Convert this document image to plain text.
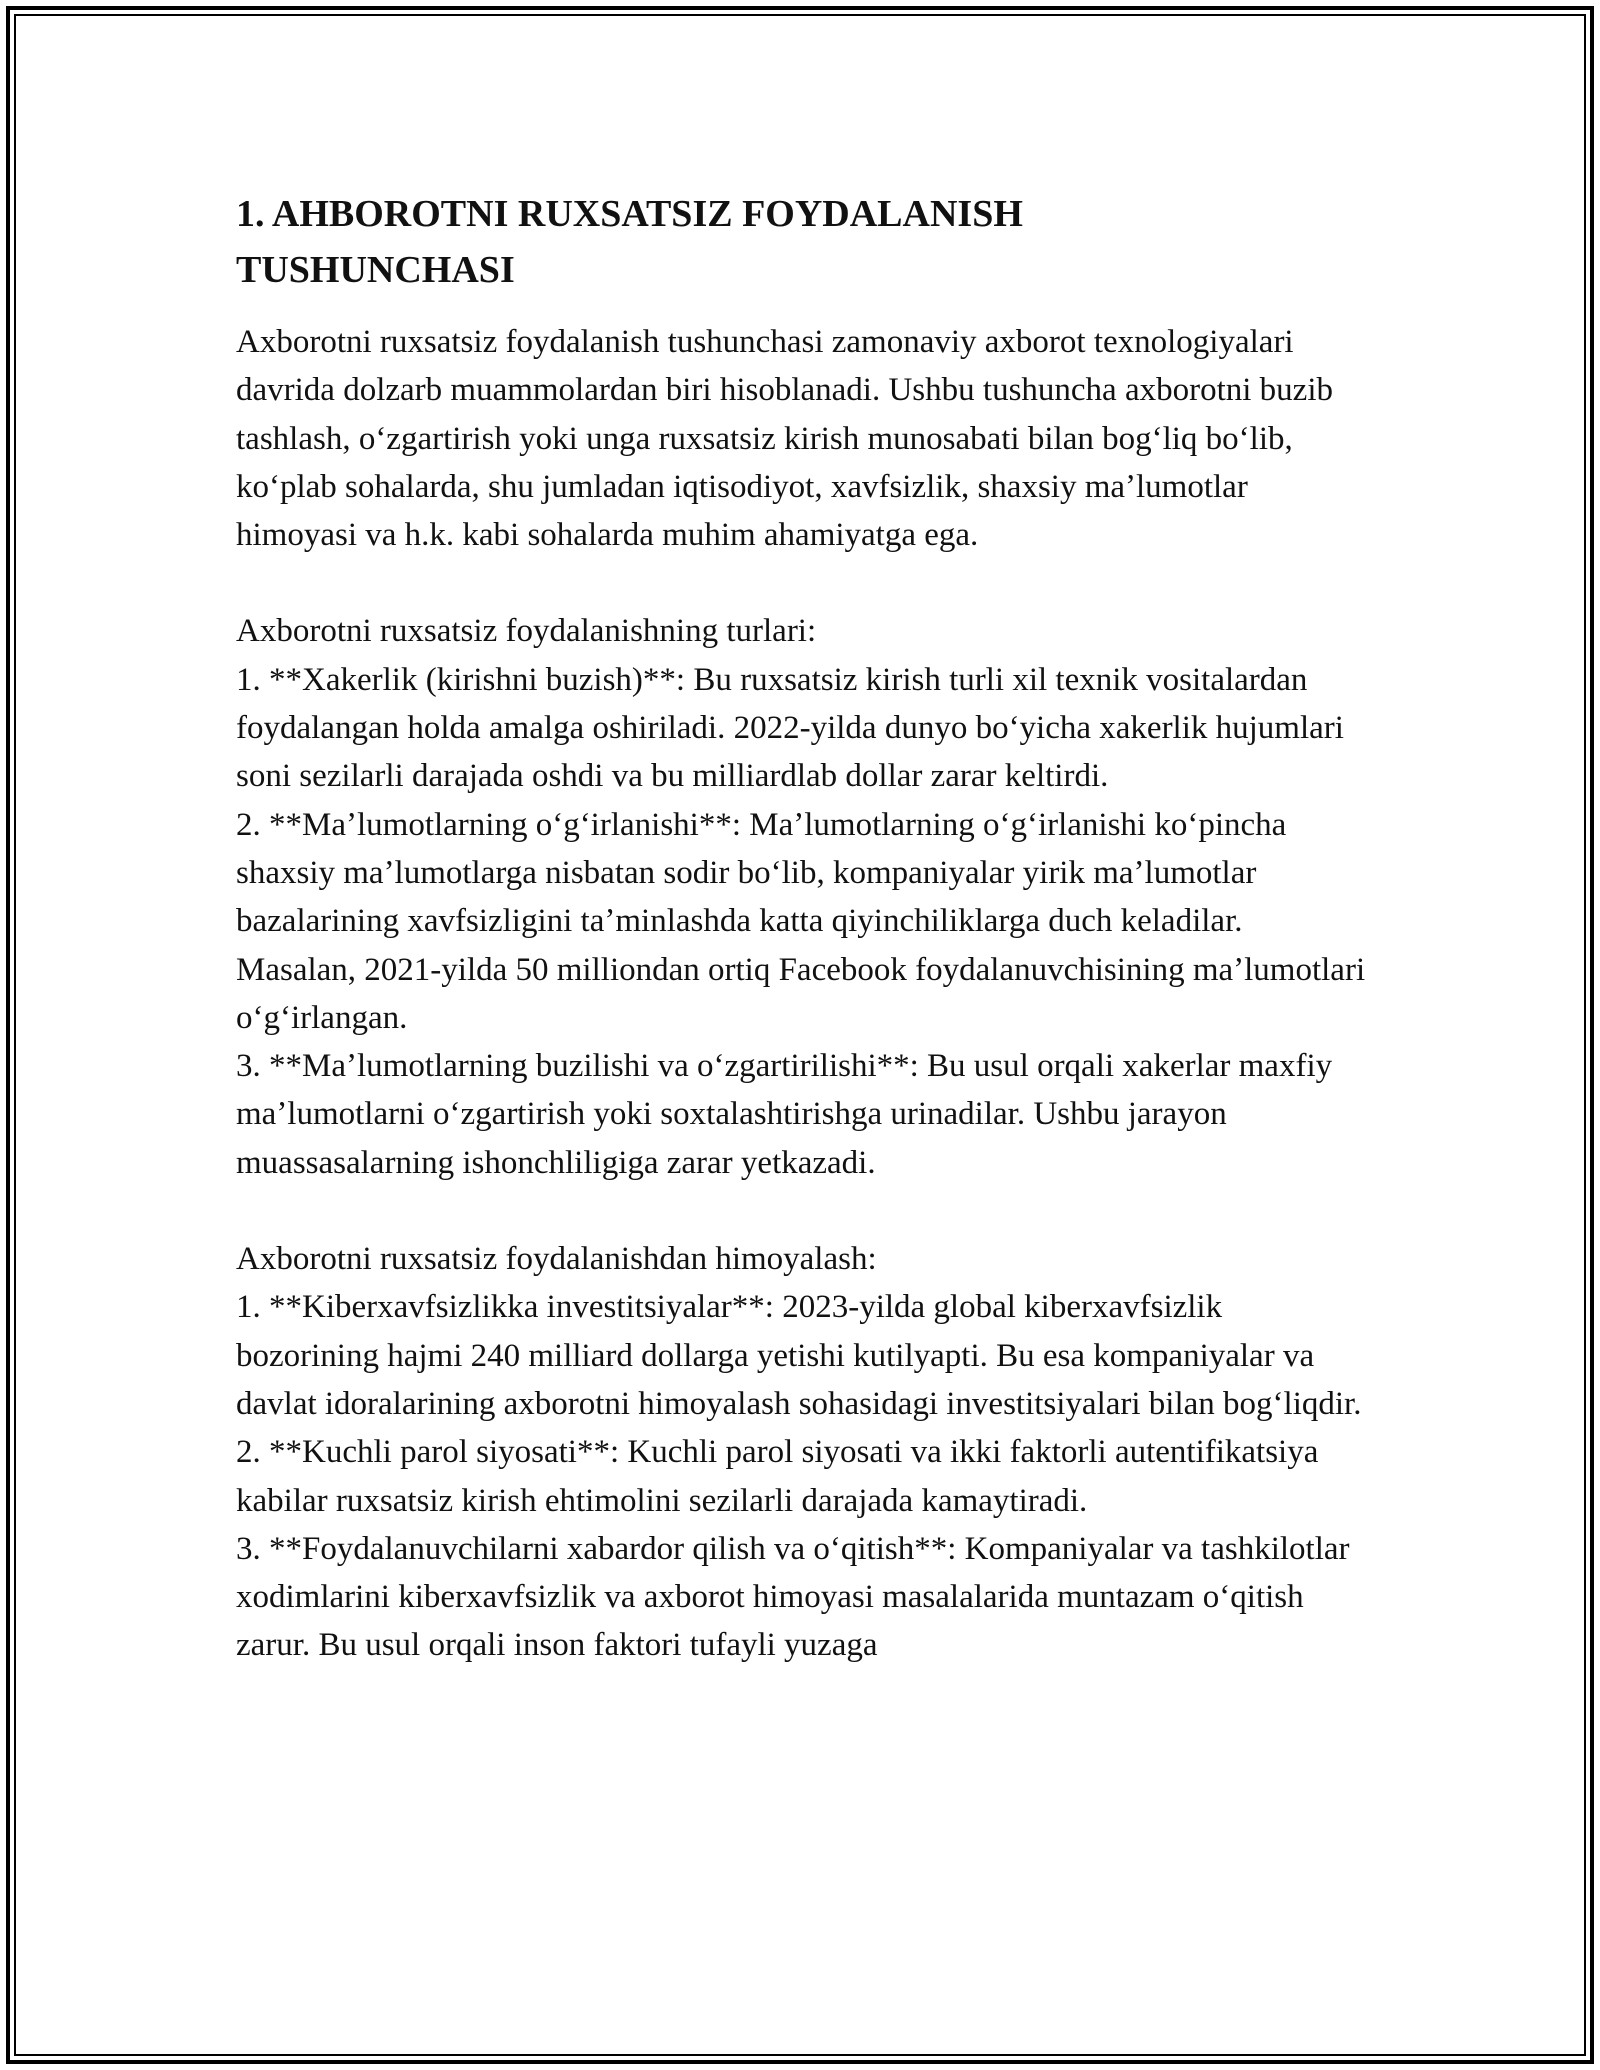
1. AHBOROTNI RUXSATSIZ FOYDALANISH TUSHUNCHASI

Axborotni ruxsatsiz foydalanish tushunchasi zamonaviy axborot texnologiyalari davrida dolzarb muammolardan biri hisoblanadi. Ushbu tushuncha axborotni buzib tashlash, oʻzgartirish yoki unga ruxsatsiz kirish munosabati bilan bogʻliq boʻlib, koʻplab sohalarda, shu jumladan iqtisodiyot, xavfsizlik, shaxsiy maʼlumotlar himoyasi va h.k. kabi sohalarda muhim ahamiyatga ega.

Axborotni ruxsatsiz foydalanishning turlari:

1. **Xakerlik (kirishni buzish)**: Bu ruxsatsiz kirish turli xil texnik vositalardan foydalangan holda amalga oshiriladi. 2022-yilda dunyo boʻyicha xakerlik hujumlari soni sezilarli darajada oshdi va bu milliardlab dollar zarar keltirdi.

2. **Maʼlumotlarning oʻgʻirlanishi**: Maʼlumotlarning oʻgʻirlanishi koʻpincha shaxsiy maʼlumotlarga nisbatan sodir boʻlib, kompaniyalar yirik maʼlumotlar bazalarining xavfsizligini taʼminlashda katta qiyinchiliklarga duch keladilar. Masalan, 2021-yilda 50 milliondan ortiq Facebook foydalanuvchisining maʼlumotlari oʻgʻirlangan.

3. **Maʼlumotlarning buzilishi va oʻzgartirilishi**: Bu usul orqali xakerlar maxfiy maʼlumotlarni oʻzgartirish yoki soxtalashtirishga urinadilar. Ushbu jarayon muassasalarning ishonchliligiga zarar yetkazadi.

Axborotni ruxsatsiz foydalanishdan himoyalash:

1. **Kiberxavfsizlikka investitsiyalar**: 2023-yilda global kiberxavfsizlik bozorining hajmi 240 milliard dollarga yetishi kutilyapti. Bu esa kompaniyalar va davlat idoralarining axborotni himoyalash sohasidagi investitsiyalari bilan bogʻliqdir.

2. **Kuchli parol siyosati**: Kuchli parol siyosati va ikki faktorli autentifikatsiya kabilar ruxsatsiz kirish ehtimolini sezilarli darajada kamaytiradi.

3. **Foydalanuvchilarni xabardor qilish va oʻqitish**: Kompaniyalar va tashkilotlar xodimlarini kiberxavfsizlik va axborot himoyasi masalalarida muntazam oʻqitish zarur. Bu usul orqali inson faktori tufayli yuzaga
